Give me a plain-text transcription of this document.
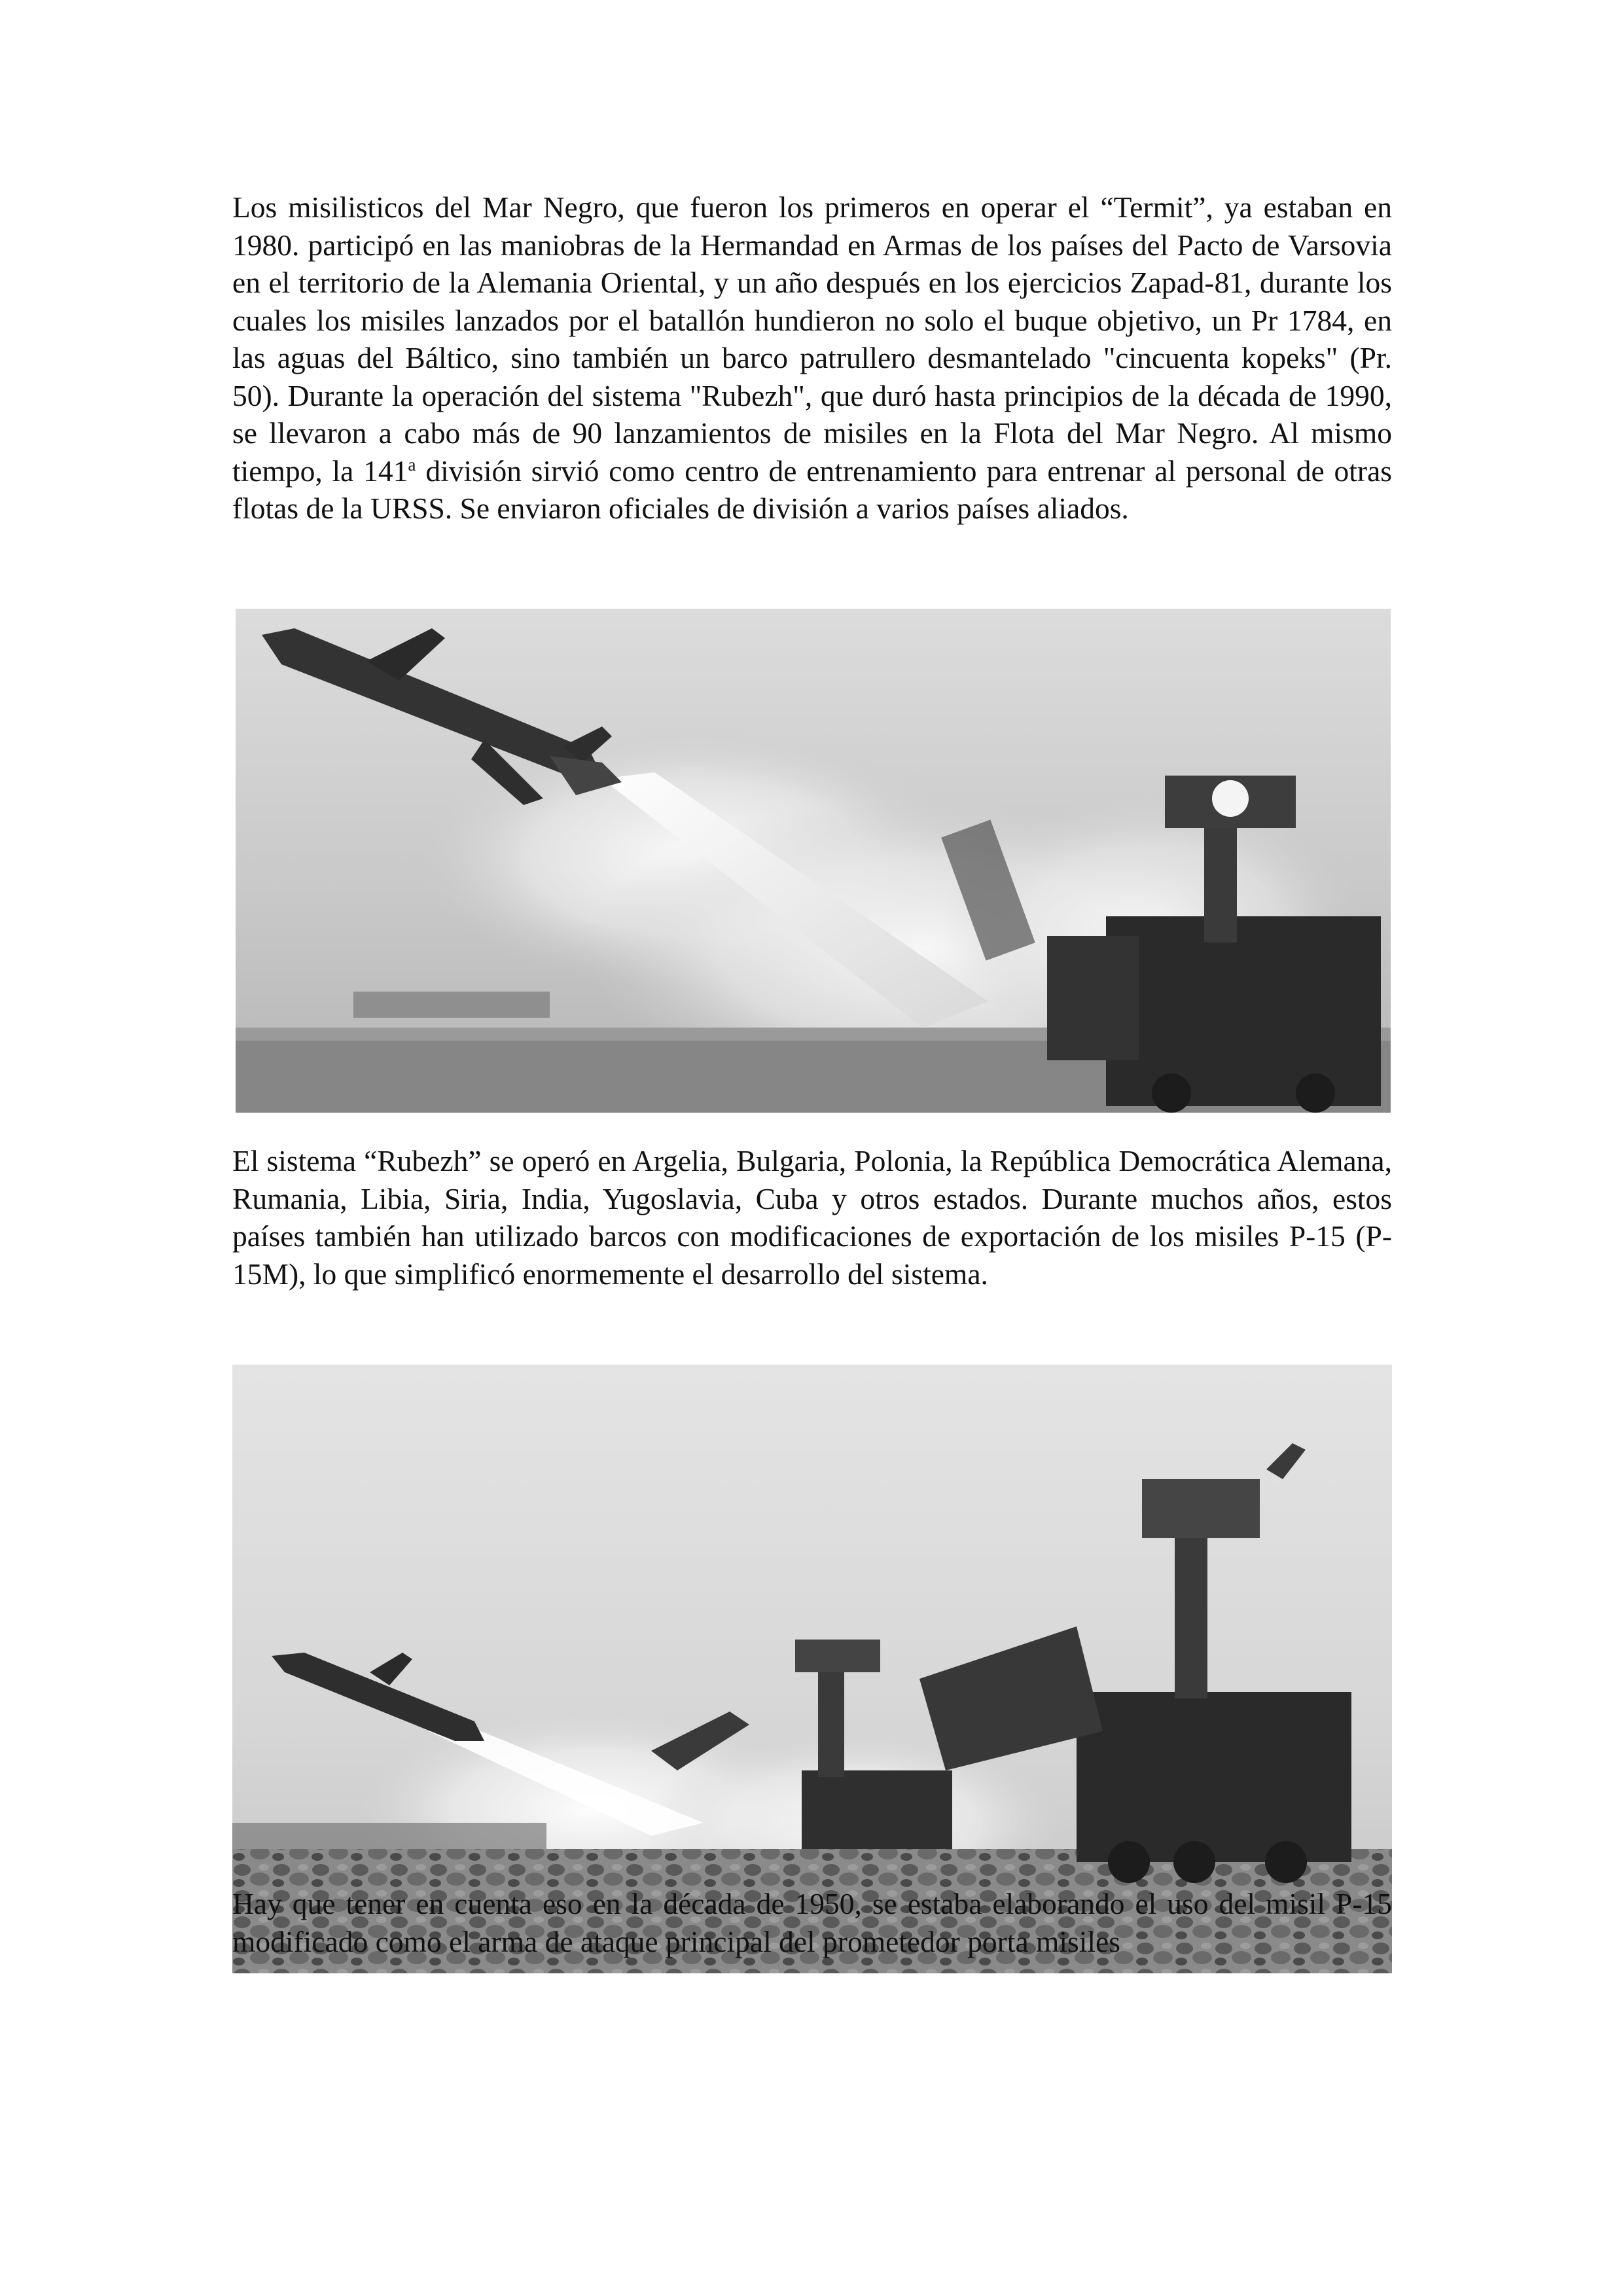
Los misilisticos del Mar Negro, que fueron los primeros en operar el “Termit”, ya estaban en 1980. participó en las maniobras de la Hermandad en Armas de los países del Pacto de Varsovia en el territorio de la Alemania Oriental, y un año después en los ejercicios Zapad-81, durante los cuales los misiles lanzados por el batallón hundieron no solo el buque objetivo, un Pr 1784, en las aguas del Báltico, sino también un barco patrullero desmantelado "cincuenta kopeks" (Pr. 50). Durante la operación del sistema "Rubezh", que duró hasta principios de la década de 1990, se llevaron a cabo más de 90 lanzamientos de misiles en la Flota del Mar Negro. Al mismo tiempo, la 141$^a$ división sirvió como centro de entrenamiento para entrenar al personal de otras flotas de la URSS. Se enviaron oficiales de división a varios países aliados.

El sistema “Rubezh” se operó en Argelia, Bulgaria, Polonia, la República Democrática Alemana, Rumania, Libia, Siria, India, Yugoslavia, Cuba y otros estados. Durante muchos años, estos países también han utilizado barcos con modificaciones de exportación de los misiles P-15 (P-15M), lo que simplificó enormemente el desarrollo del sistema.

Hay que tener en cuenta eso en la década de 1950, se estaba elaborando el uso del misil P-15 modificado como el arma de ataque principal del prometedor porta misiles
